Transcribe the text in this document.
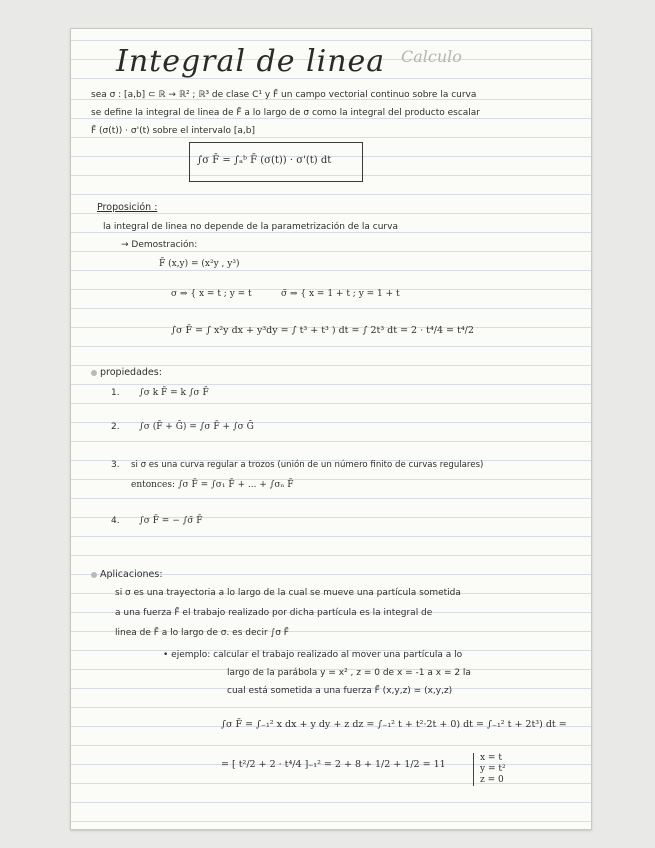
Integral de linea Calculo
sea σ : [a,b] ⊂ ℝ → ℝ² ; ℝ³ de clase C¹ y F̄ un campo vectorial continuo sobre la curva
se define la integral de linea de F̄ a lo largo de σ como la integral del producto escalar
F̄ (σ(t)) · σ'(t) sobre el intervalo [a,b]
∫σ F̄ = ∫ₐᵇ F̄ (σ(t)) · σ'(t) dt
Proposición :
la integral de linea no depende de la parametrización de la curva
→ Demostración:
F̄ (x,y) = (x²y , y³)
σ ⇒ { x = t ; y = t	σ̃ ⇒ { x = 1 + t ; y = 1 + t
∫σ F̄ = ∫ x²y dx + y³dy = ∫ t³ + t³ ) dt = ∫ 2t³ dt = 2 · t⁴/4 = t⁴/2
propiedades:
1. ∫σ k F̄ = k ∫σ F̄
2. ∫σ (F̄ + Ḡ) = ∫σ F̄ + ∫σ Ḡ
3. si σ es una curva regular a trozos (unión de un número finito de curvas regulares)
entonces: ∫σ F̄ = ∫σ₁ F̄ + ... + ∫σₙ F̄
4. ∫σ F̄ = − ∫σ̄ F̄
Aplicaciones:
si σ es una trayectoria a lo largo de la cual se mueve una partícula sometida
a una fuerza F̄ el trabajo realizado por dicha partícula es la integral de
linea de F̄ a lo largo de σ. es decir ∫σ F̄
• ejemplo: calcular el trabajo realizado al mover una partícula a lo
largo de la parábola y = x² , z = 0 de x = -1 a x = 2 la
cual está sometida a una fuerza F̄ (x,y,z) = (x,y,z)
∫σ F̄ = ∫₋₁² x dx + y dy + z dz = ∫₋₁² t + t²·2t + 0) dt = ∫₋₁² t + 2t³) dt =
= [ t²/2 + 2 · t⁴/4 ]₋₁² = 2 + 8 + 1/2 + 1/2 = 11
x = t
y = t²
z = 0
